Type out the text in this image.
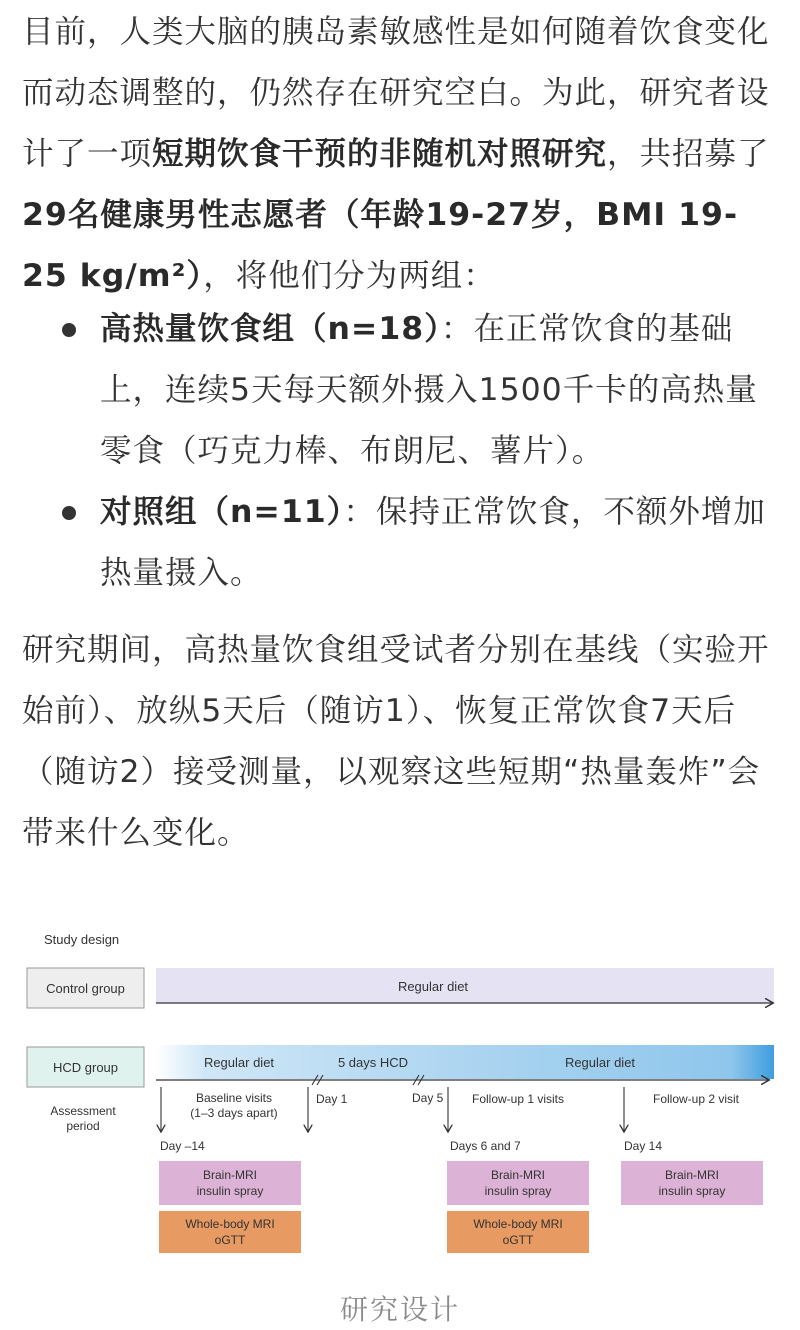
目前，人类大脑的胰岛素敏感性是如何随着饮食变化而动态调整的，仍然存在研究空白。为此，研究者设计了一项短期饮食干预的非随机对照研究，共招募了29名健康男性志愿者（年龄19-27岁，BMI 19-25 kg/m²），将他们分为两组：
高热量饮食组（n=18）：在正常饮食的基础上，连续5天每天额外摄入1500千卡的高热量零食（巧克力棒、布朗尼、薯片）。
对照组（n=11）：保持正常饮食，不额外增加热量摄入。
研究期间，高热量饮食组受试者分别在基线（实验开始前）、放纵5天后（随访1）、恢复正常饮食7天后（随访2）接受测量，以观察这些短期“热量轰炸”会带来什么变化。
Study design
Control group	Regular diet
HCD group	Regular diet	5 days HCD	Regular diet
Assessment
period
Baseline visits
(1–3 days apart)
Day 1	Day 5 Follow-up 1 visits	Follow-up 2 visit
Day –14	Days 6 and 7	Day 14
Brain-MRI
insulin spray
Brain-MRI
insulin spray
Brain-MRI
insulin spray
Whole-body MRI
oGTT
Whole-body MRI
oGTT
研究设计
